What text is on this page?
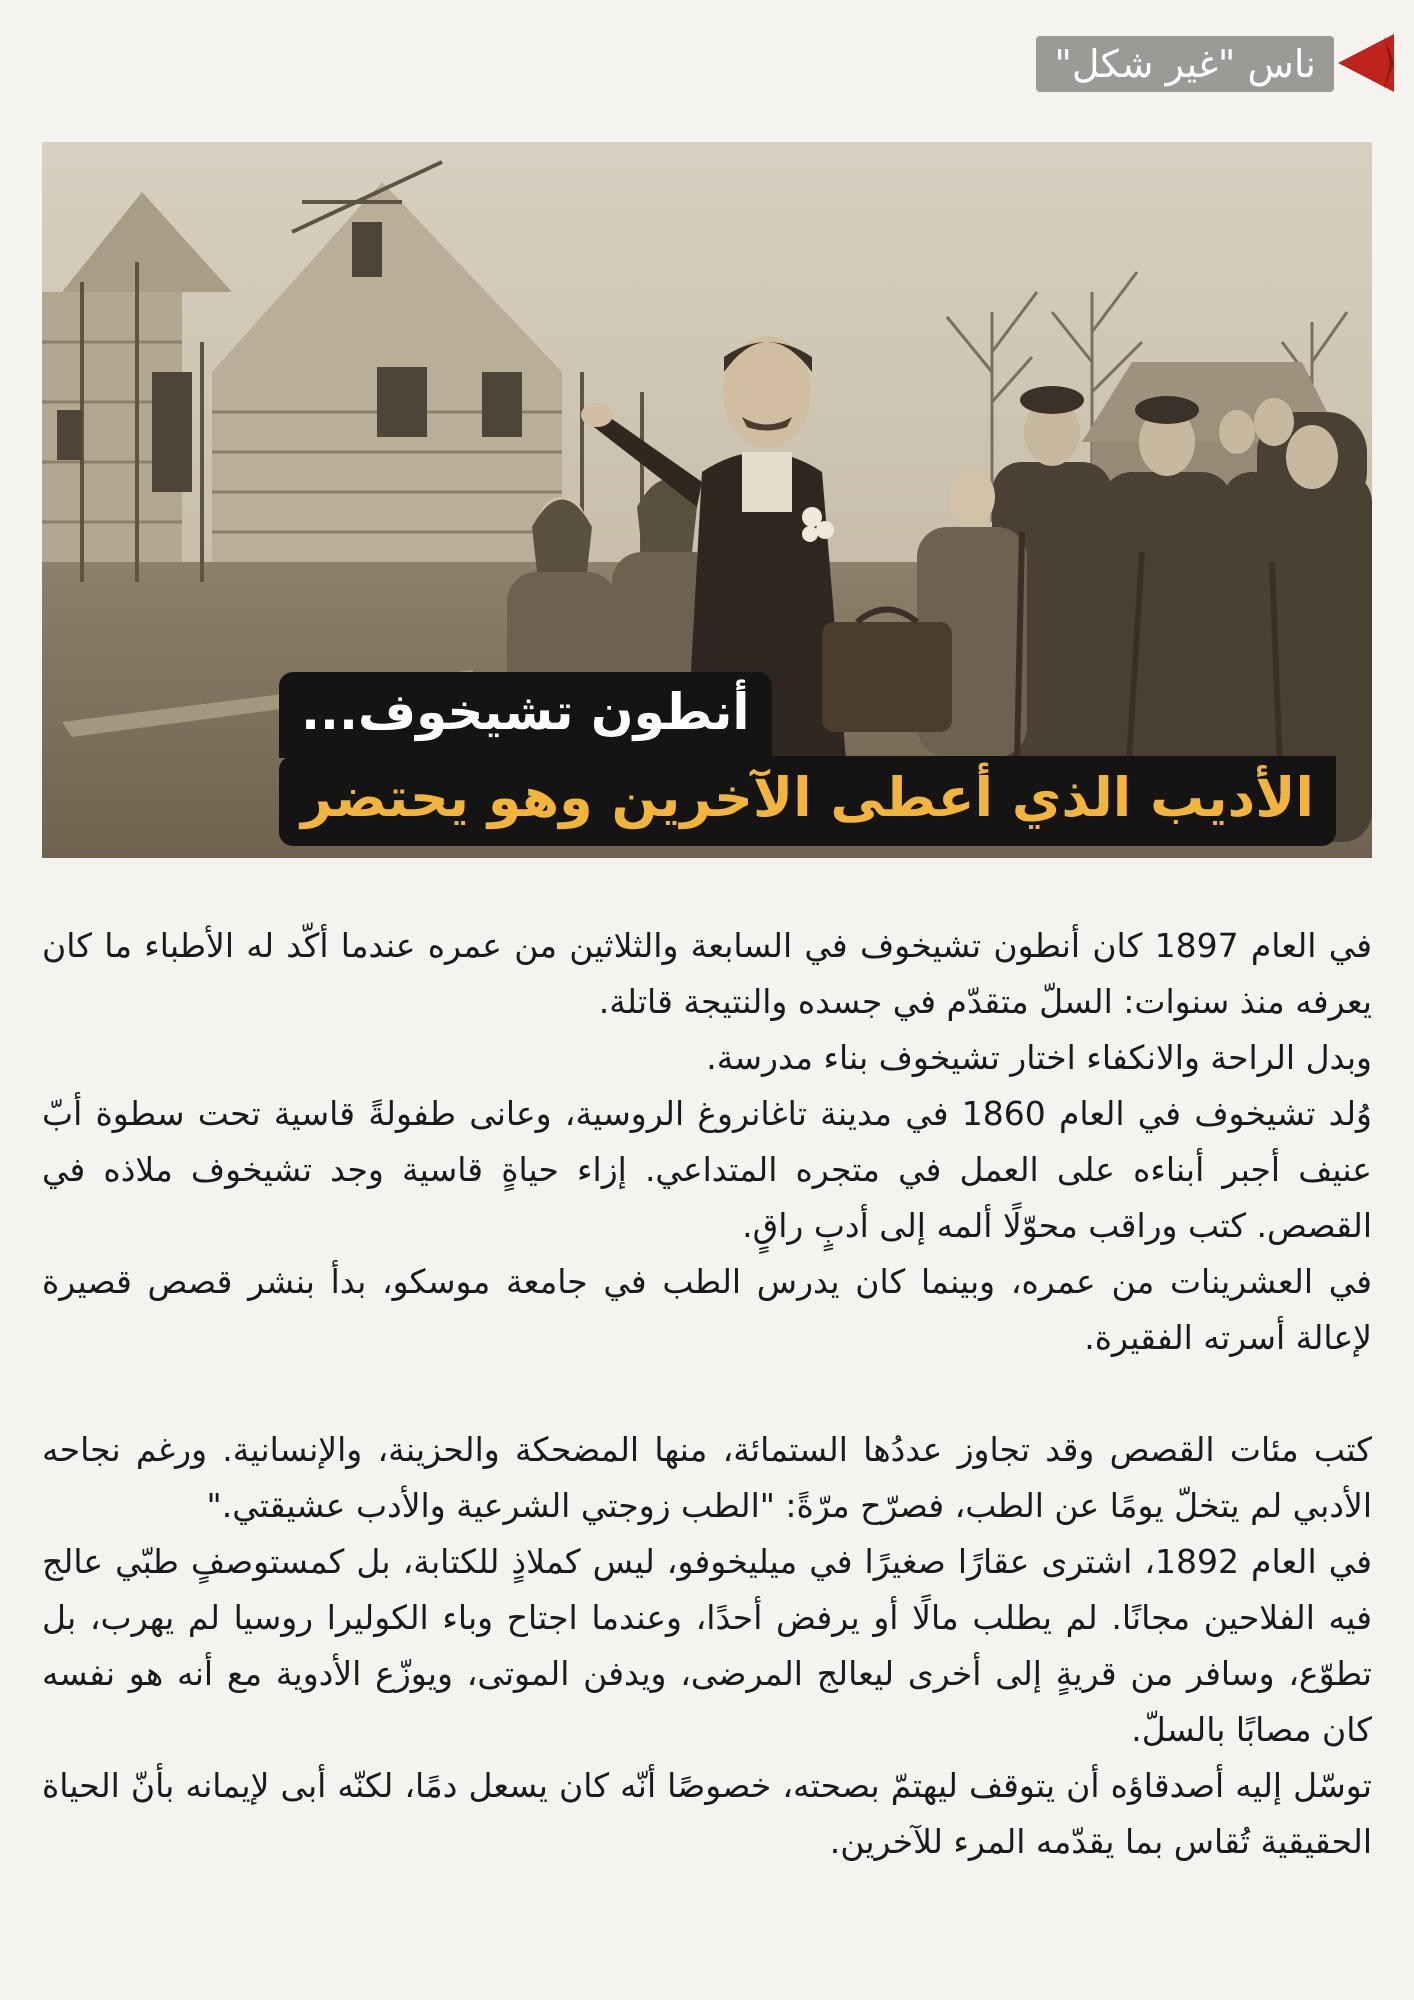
ناس "غير شكل"
أنطون تشيخوف...
الأديب الذي أعطى الآخرين وهو يحتضر

في العام 1897 كان أنطون تشيخوف في السابعة والثلاثين من عمره عندما أكّد له الأطباء ما كان يعرفه منذ سنوات: السلّ متقدّم في جسده والنتيجة قاتلة.

وبدل الراحة والانكفاء اختار تشيخوف بناء مدرسة.

وُلد تشيخوف في العام 1860 في مدينة تاغانروغ الروسية، وعانى طفولةً قاسية تحت سطوة أبّ عنيف أجبر أبناءه على العمل في متجره المتداعي. إزاء حياةٍ قاسية وجد تشيخوف ملاذه في القصص. كتب وراقب محوّلًا ألمه إلى أدبٍ راقٍ.

في العشرينات من عمره، وبينما كان يدرس الطب في جامعة موسكو، بدأ بنشر قصص قصيرة لإعالة أسرته الفقيرة.

كتب مئات القصص وقد تجاوز عددُها الستمائة، منها المضحكة والحزينة، والإنسانية. ورغم نجاحه الأدبي لم يتخلّ يومًا عن الطب، فصرّح مرّةً: "الطب زوجتي الشرعية والأدب عشيقتي."

في العام 1892، اشترى عقارًا صغيرًا في ميليخوفو، ليس كملاذٍ للكتابة، بل كمستوصفٍ طبّي عالج فيه الفلاحين مجانًا. لم يطلب مالًا أو يرفض أحدًا، وعندما اجتاح وباء الكوليرا روسيا لم يهرب، بل تطوّع، وسافر من قريةٍ إلى أخرى ليعالج المرضى، ويدفن الموتى، ويوزّع الأدوية مع أنه هو نفسه كان مصابًا بالسلّ.

توسّل إليه أصدقاؤه أن يتوقف ليهتمّ بصحته، خصوصًا أنّه كان يسعل دمًا، لكنّه أبى لإيمانه بأنّ الحياة الحقيقية تُقاس بما يقدّمه المرء للآخرين.
